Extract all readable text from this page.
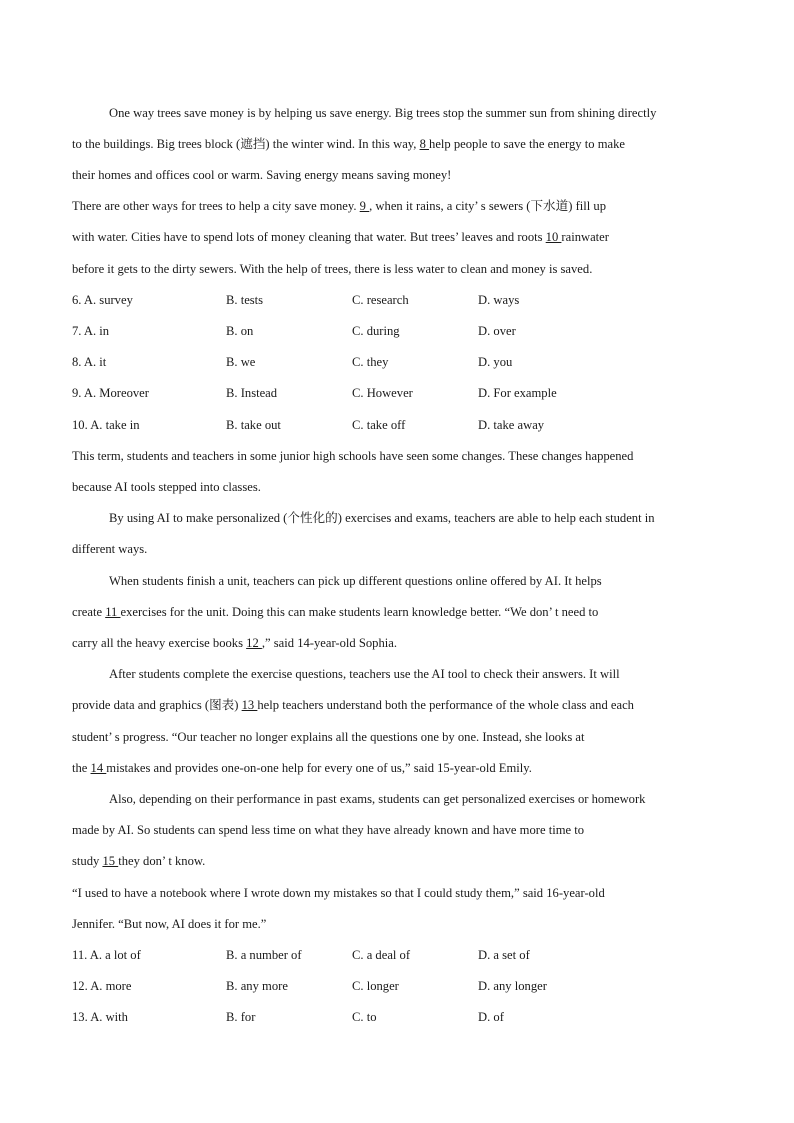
One way trees save money is by helping us save energy. Big trees stop the summer sun from shining directly
to the buildings. Big trees block (遮挡) the winter wind. In this way, 8 help people to save the energy to make
their homes and offices cool or warm. Saving energy means saving money!
There are other ways for trees to help a city save money. 9 , when it rains, a city’ s sewers (下水道) fill up
with water. Cities have to spend lots of money cleaning that water. But trees’ leaves and roots 10 rainwater
before it gets to the dirty sewers. With the help of trees, there is less water to clean and money is saved.
6. A. survey	B. tests	C. research	D. ways
7. A. in	B. on	C. during	D. over
8. A. it	B. we	C. they	D. you
9. A. Moreover	B. Instead	C. However	D. For example
10. A. take in	B. take out	C. take off	D. take away
This term, students and teachers in some junior high schools have seen some changes. These changes happened
because AI tools stepped into classes.
By using AI to make personalized (个性化的) exercises and exams, teachers are able to help each student in
different ways.
When students finish a unit, teachers can pick up different questions online offered by AI. It helps
create 11 exercises for the unit. Doing this can make students learn knowledge better. “We don’ t need to
carry all the heavy exercise books 12 ,” said 14-year-old Sophia.
After students complete the exercise questions, teachers use the AI tool to check their answers. It will
provide data and graphics (图表) 13 help teachers understand both the performance of the whole class and each
student’ s progress. “Our teacher no longer explains all the questions one by one. Instead, she looks at
the 14 mistakes and provides one-on-one help for every one of us,” said 15-year-old Emily.
Also, depending on their performance in past exams, students can get personalized exercises or homework
made by AI. So students can spend less time on what they have already known and have more time to
study 15 they don’ t know.
“I used to have a notebook where I wrote down my mistakes so that I could study them,” said 16-year-old
Jennifer. “But now, AI does it for me.”
11. A. a lot of	B. a number of	C. a deal of	D. a set of
12. A. more	B. any more	C. longer	D. any longer
13. A. with	B. for	C. to	D. of
